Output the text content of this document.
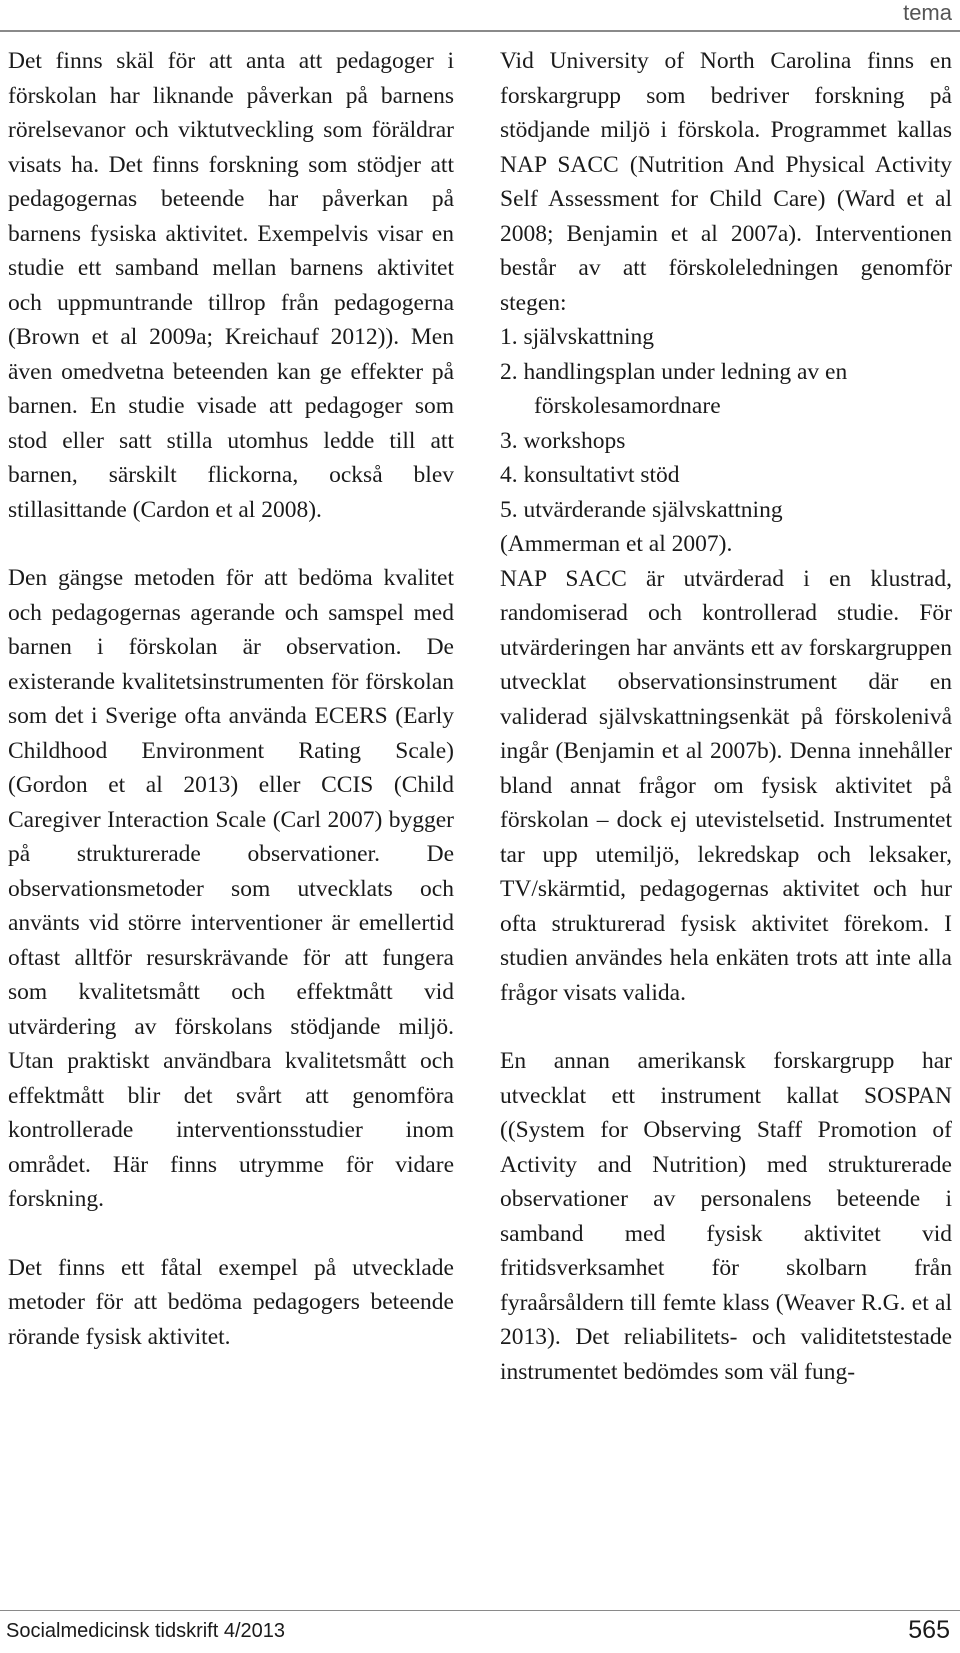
tema

Det finns skäl för att anta att pedagoger i förskolan har liknande påverkan på barnens rörelsevanor och viktutveckling som föräldrar visats ha. Det finns forskning som stödjer att pedagogernas beteende har påverkan på barnens fysiska aktivitet. Exempelvis visar en studie ett samband mellan barnens aktivitet och uppmuntrande tillrop från pedagogerna (Brown et al 2009a; Kreichauf 2012)). Men även omedvetna beteenden kan ge effekter på barnen. En studie visade att pedagoger som stod eller satt stilla utomhus ledde till att barnen, särskilt flickorna, också blev stillasittande (Cardon et al 2008).

Den gängse metoden för att bedöma kvalitet och pedagogernas agerande och samspel med barnen i förskolan är observation. De existerande kvalitetsinstrumenten för förskolan som det i Sverige ofta använda ECERS (Early Childhood Environment Rating Scale) (Gordon et al 2013) eller CCIS (Child Caregiver Interaction Scale (Carl 2007) bygger på strukturerade observationer. De observationsmetoder som utvecklats och använts vid större interventioner är emellertid oftast alltför resurskrävande för att fungera som kvalitetsmått och effektmått vid utvärdering av förskolans stödjande miljö. Utan praktiskt användbara kvalitetsmått och effektmått blir det svårt att genomföra kontrollerade interventionsstudier inom området. Här finns utrymme för vidare forskning.

Det finns ett fåtal exempel på utvecklade metoder för att bedöma pedagogers beteende rörande fysisk aktivitet.

Vid University of North Carolina finns en forskargrupp som bedriver forskning på stödjande miljö i förskola. Programmet kallas NAP SACC (Nutrition And Physical Activity Self Assessment for Child Care) (Ward et al 2008; Benjamin et al 2007a). Interventionen består av att förskoleledningen genomför stegen:

1. självskattning
2. handlingsplan under ledning av en förskolesamordnare
3. workshops
4. konsultativt stöd
5. utvärderande självskattning

(Ammerman et al 2007).

NAP SACC är utvärderad i en klustrad, randomiserad och kontrollerad studie. För utvärderingen har använts ett av forskargruppen utvecklat observationsinstrument där en validerad självskattningsenkät på förskolenivå ingår (Benjamin et al 2007b). Denna innehåller bland annat frågor om fysisk aktivitet på förskolan – dock ej utevistelsetid. Instrumentet tar upp utemiljö, lekredskap och leksaker, TV/skärmtid, pedagogernas aktivitet och hur ofta strukturerad fysisk aktivitet förekom. I studien användes hela enkäten trots att inte alla frågor visats valida.

En annan amerikansk forskargrupp har utvecklat ett instrument kallat SOSPAN ((System for Observing Staff Promotion of Activity and Nutrition) med strukturerade observationer av personalens beteende i samband med fysisk aktivitet vid fritidsverksamhet för skolbarn från fyraårsåldern till femte klass (Weaver R.G. et al 2013). Det reliabilitets- och validitetstestade instrumentet bedömdes som väl fung-

Socialmedicinsk tidskrift 4/2013	565
